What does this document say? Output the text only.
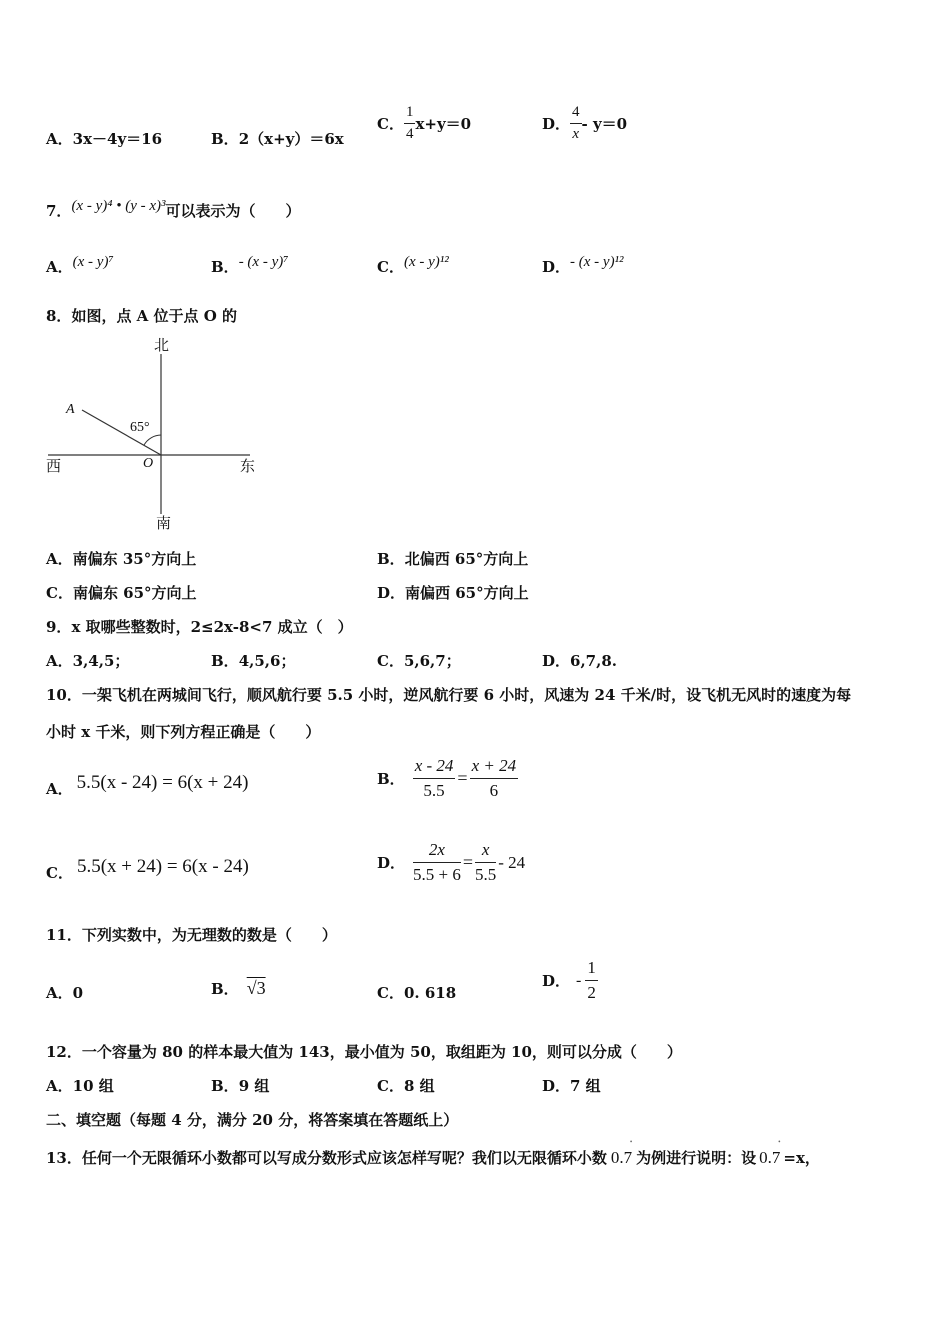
A．3x－4y＝16	B．2（x+y）＝6x
C． $\frac{1}{4} x+y=0$	D． $\frac{4}{x} - y=0$
7．(x - y)⁴ • (y - x)³可以表示为（　　）
A．(x - y)⁷	B．- (x - y)⁷	C．(x - y)¹²	D．- (x - y)¹²
8．如图，点 A 位于点 O 的
北
南
西	东
A
O
65°
A．南偏东 35°方向上	B．北偏西 65°方向上
C．南偏东 65°方向上	D．南偏西 65°方向上
9．x 取哪些整数时，2≤2x-8<7 成立（　）
A．3,4,5；	B．4,5,6；	C．5,6,7；	D．6,7,8.
10．一架飞机在两城间飞行，顺风航行要 5.5 小时，逆风航行要 6 小时，风速为 24 千米/时，设飞机无风时的速度为每
小时 x 千米，则下列方程正确是（　　）
A． 5.5(x - 24) = 6(x + 24)	B． $\frac{x - 24}{5.5} = \frac{x + 24}{6}$
C． 5.5(x + 24) = 6(x - 24)	D． $\frac{2x}{5.5 + 6} = \frac{x}{5.5} - 24$
11．下列实数中，为无理数的数是（　　）
A．0	B． √3	C．0. 618
D． - $\frac{1}{2}$
12．一个容量为 80 的样本最大值为 143，最小值为 50，取组距为 10，则可以分成（　　）
A．10 组	B．9 组	C．8 组	D．7 组
二、填空题（每题 4 分，满分 20 分，将答案填在答题纸上）
13．任何一个无限循环小数都可以写成分数形式应该怎样写呢？我们以无限循环小数 0.7
•
为例进行说明：设 0.7
•
=x，
